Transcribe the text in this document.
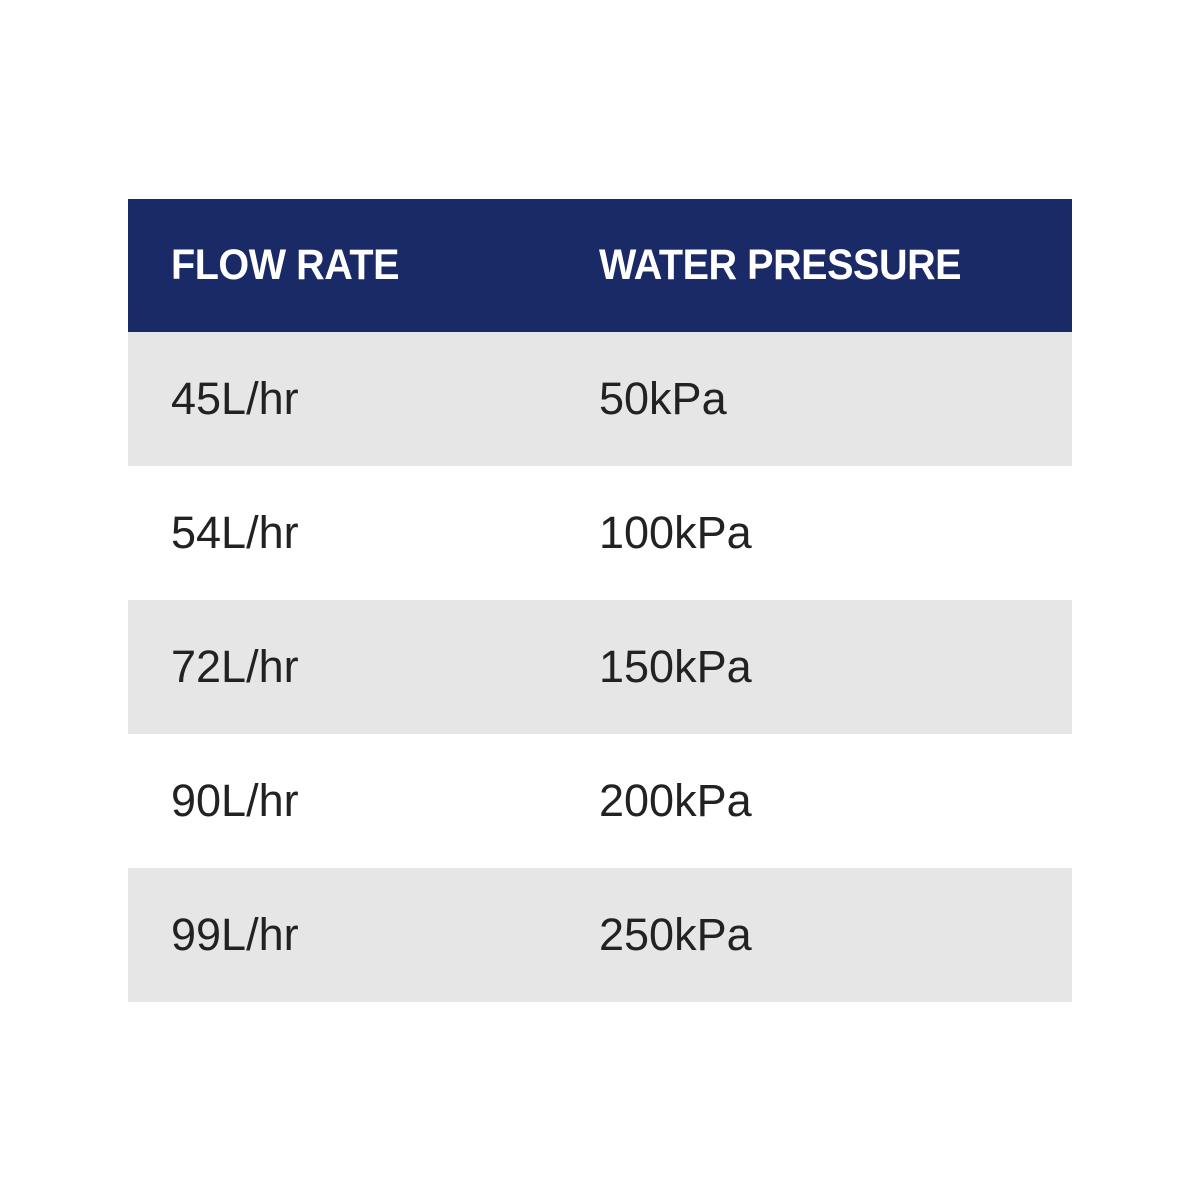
FLOW RATE	WATER PRESSURE
45L/hr	50kPa
54L/hr	100kPa
72L/hr	150kPa
90L/hr	200kPa
99L/hr	250kPa
